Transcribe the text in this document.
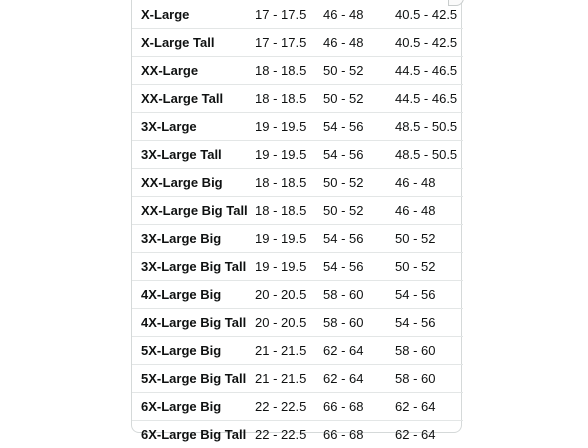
X-Large	17 - 17.5	46 - 48	40.5 - 42.5
X-Large Tall	17 - 17.5	46 - 48	40.5 - 42.5
XX-Large	18 - 18.5	50 - 52	44.5 - 46.5
XX-Large Tall	18 - 18.5	50 - 52	44.5 - 46.5
3X-Large	19 - 19.5	54 - 56	48.5 - 50.5
3X-Large Tall	19 - 19.5	54 - 56	48.5 - 50.5
XX-Large Big	18 - 18.5	50 - 52	46 - 48
XX-Large Big Tall	18 - 18.5	50 - 52	46 - 48
3X-Large Big	19 - 19.5	54 - 56	50 - 52
3X-Large Big Tall	19 - 19.5	54 - 56	50 - 52
4X-Large Big	20 - 20.5	58 - 60	54 - 56
4X-Large Big Tall	20 - 20.5	58 - 60	54 - 56
5X-Large Big	21 - 21.5	62 - 64	58 - 60
5X-Large Big Tall	21 - 21.5	62 - 64	58 - 60
6X-Large Big	22 - 22.5	66 - 68	62 - 64
6X-Large Big Tall	22 - 22.5	66 - 68	62 - 64
